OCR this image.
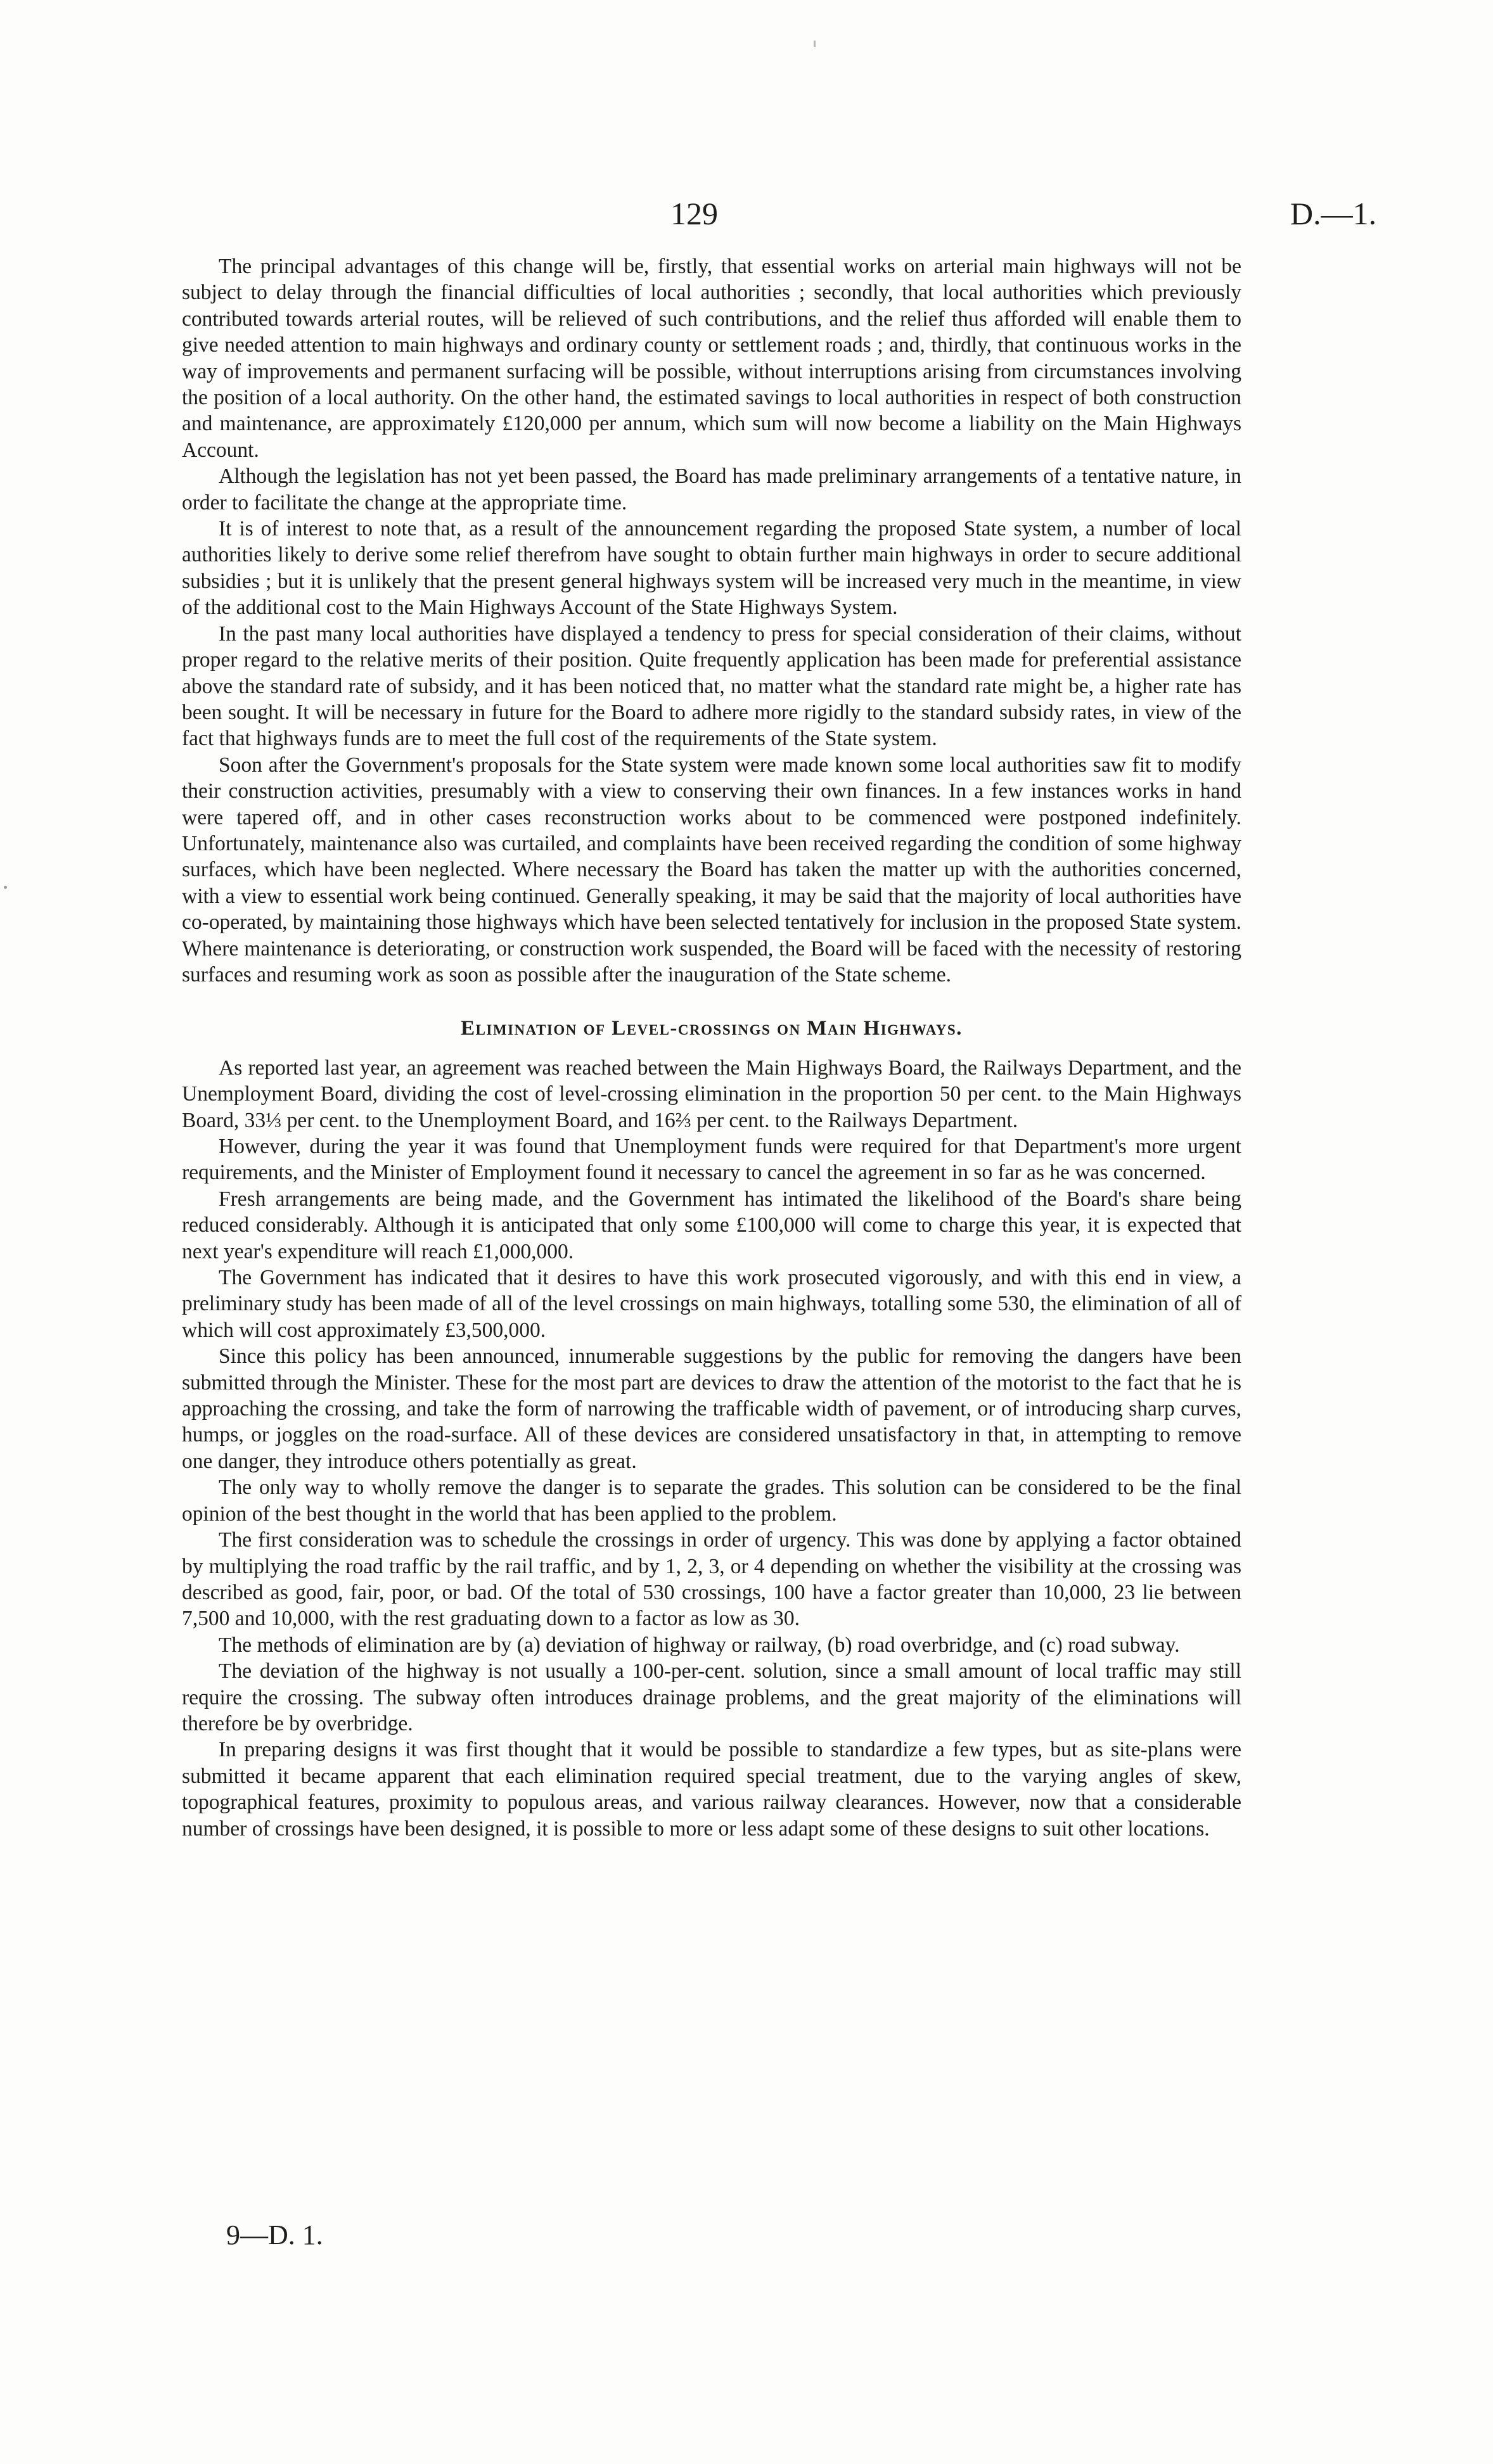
129	D.—1.

The principal advantages of this change will be, firstly, that essential works on arterial main highways will not be subject to delay through the financial difficulties of local authorities ; secondly, that local authorities which previously contributed towards arterial routes, will be relieved of such contributions, and the relief thus afforded will enable them to give needed attention to main highways and ordinary county or settlement roads ; and, thirdly, that continuous works in the way of improvements and permanent surfacing will be possible, without interruptions arising from circumstances involving the position of a local authority. On the other hand, the estimated savings to local authorities in respect of both construction and maintenance, are approximately £120,000 per annum, which sum will now become a liability on the Main Highways Account.

Although the legislation has not yet been passed, the Board has made preliminary arrangements of a tentative nature, in order to facilitate the change at the appropriate time.

It is of interest to note that, as a result of the announcement regarding the proposed State system, a number of local authorities likely to derive some relief therefrom have sought to obtain further main highways in order to secure additional subsidies ; but it is unlikely that the present general highways system will be increased very much in the meantime, in view of the additional cost to the Main Highways Account of the State Highways System.

In the past many local authorities have displayed a tendency to press for special consideration of their claims, without proper regard to the relative merits of their position. Quite frequently application has been made for preferential assistance above the standard rate of subsidy, and it has been noticed that, no matter what the standard rate might be, a higher rate has been sought. It will be necessary in future for the Board to adhere more rigidly to the standard subsidy rates, in view of the fact that highways funds are to meet the full cost of the requirements of the State system.

Soon after the Government's proposals for the State system were made known some local authorities saw fit to modify their construction activities, presumably with a view to conserving their own finances. In a few instances works in hand were tapered off, and in other cases reconstruction works about to be commenced were postponed indefinitely. Unfortunately, maintenance also was curtailed, and complaints have been received regarding the condition of some highway surfaces, which have been neglected. Where necessary the Board has taken the matter up with the authorities concerned, with a view to essential work being continued. Generally speaking, it may be said that the majority of local authorities have co-operated, by maintaining those highways which have been selected tentatively for inclusion in the proposed State system. Where maintenance is deteriorating, or construction work suspended, the Board will be faced with the necessity of restoring surfaces and resuming work as soon as possible after the inauguration of the State scheme.

Elimination of Level-crossings on Main Highways.

As reported last year, an agreement was reached between the Main Highways Board, the Railways Department, and the Unemployment Board, dividing the cost of level-crossing elimination in the proportion 50 per cent. to the Main Highways Board, 33⅓ per cent. to the Unemployment Board, and 16⅔ per cent. to the Railways Department.

However, during the year it was found that Unemployment funds were required for that Department's more urgent requirements, and the Minister of Employment found it necessary to cancel the agreement in so far as he was concerned.

Fresh arrangements are being made, and the Government has intimated the likelihood of the Board's share being reduced considerably. Although it is anticipated that only some £100,000 will come to charge this year, it is expected that next year's expenditure will reach £1,000,000.

The Government has indicated that it desires to have this work prosecuted vigorously, and with this end in view, a preliminary study has been made of all of the level crossings on main highways, totalling some 530, the elimination of all of which will cost approximately £3,500,000.

Since this policy has been announced, innumerable suggestions by the public for removing the dangers have been submitted through the Minister. These for the most part are devices to draw the attention of the motorist to the fact that he is approaching the crossing, and take the form of narrowing the trafficable width of pavement, or of introducing sharp curves, humps, or joggles on the road-surface. All of these devices are considered unsatisfactory in that, in attempting to remove one danger, they introduce others potentially as great.

The only way to wholly remove the danger is to separate the grades. This solution can be considered to be the final opinion of the best thought in the world that has been applied to the problem.

The first consideration was to schedule the crossings in order of urgency. This was done by applying a factor obtained by multiplying the road traffic by the rail traffic, and by 1, 2, 3, or 4 depending on whether the visibility at the crossing was described as good, fair, poor, or bad. Of the total of 530 crossings, 100 have a factor greater than 10,000, 23 lie between 7,500 and 10,000, with the rest graduating down to a factor as low as 30.

The methods of elimination are by (a) deviation of highway or railway, (b) road overbridge, and (c) road subway.

The deviation of the highway is not usually a 100-per-cent. solution, since a small amount of local traffic may still require the crossing. The subway often introduces drainage problems, and the great majority of the eliminations will therefore be by overbridge.

In preparing designs it was first thought that it would be possible to standardize a few types, but as site-plans were submitted it became apparent that each elimination required special treatment, due to the varying angles of skew, topographical features, proximity to populous areas, and various railway clearances. However, now that a considerable number of crossings have been designed, it is possible to more or less adapt some of these designs to suit other locations.

9—D. 1.
